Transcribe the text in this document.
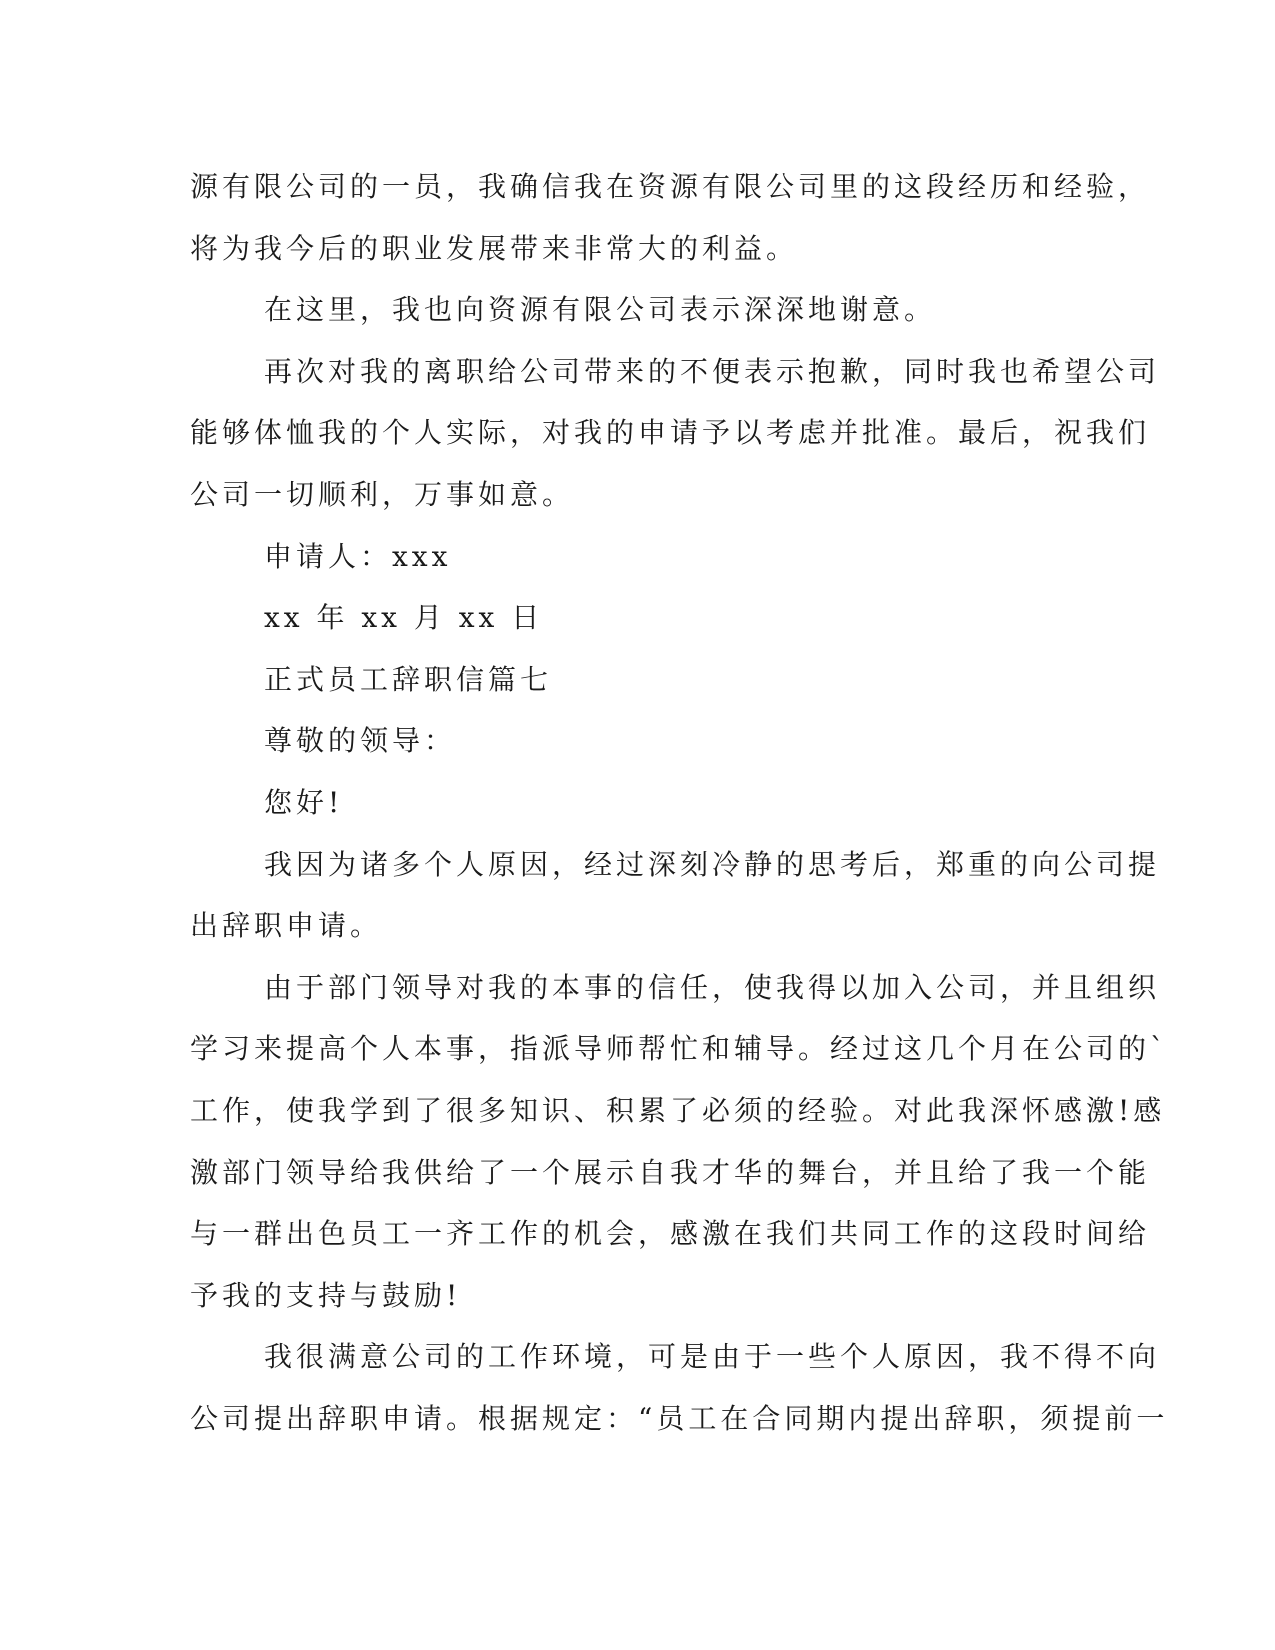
源有限公司的一员，我确信我在资源有限公司里的这段经历和经验，
将为我今后的职业发展带来非常大的利益。

在这里，我也向资源有限公司表示深深地谢意。

再次对我的离职给公司带来的不便表示抱歉，同时我也希望公司
能够体恤我的个人实际，对我的申请予以考虑并批准。最后，祝我们
公司一切顺利，万事如意。

申请人：xxx

xx 年 xx 月 xx 日

正式员工辞职信篇七

尊敬的领导：

您好!

我因为诸多个人原因，经过深刻冷静的思考后，郑重的向公司提
出辞职申请。

由于部门领导对我的本事的信任，使我得以加入公司，并且组织
学习来提高个人本事，指派导师帮忙和辅导。经过这几个月在公司的`
工作，使我学到了很多知识、积累了必须的经验。对此我深怀感激!感
激部门领导给我供给了一个展示自我才华的舞台，并且给了我一个能
与一群出色员工一齐工作的机会，感激在我们共同工作的这段时间给
予我的支持与鼓励!

我很满意公司的工作环境，可是由于一些个人原因，我不得不向
公司提出辞职申请。根据规定：“员工在合同期内提出辞职，须提前一
